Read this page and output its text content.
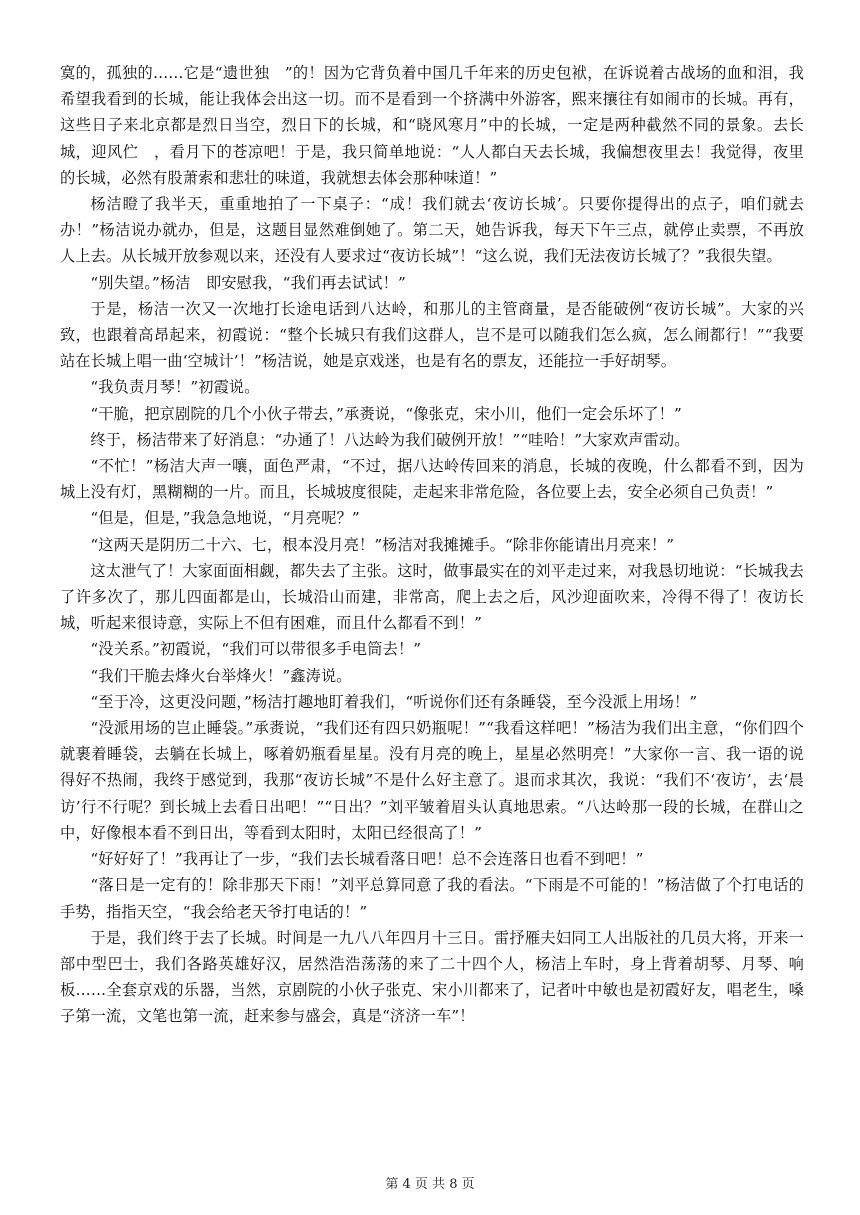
寞的，孤独的……它是“遗世独　”的！因为它背负着中国几千年来的历史包袱，在诉说着古战场的血和泪，我希望我看到的长城，能让我体会出这一切。而不是看到一个挤满中外游客，熙来攘往有如闹市的长城。再有，这些日子来北京都是烈日当空，烈日下的长城，和“晓风寒月”中的长城，一定是两种截然不同的景象。去长城，迎风伫　，看月下的苍凉吧！于是，我只简单地说：“人人都白天去长城，我偏想夜里去！我觉得，夜里的长城，必然有股萧索和悲壮的味道，我就想去体会那种味道！”

杨洁瞪了我半天，重重地拍了一下桌子：“成！我们就去‘夜访长城’。只要你提得出的点子，咱们就去办！”杨洁说办就办，但是，这题目显然难倒她了。第二天，她告诉我，每天下午三点，就停止卖票，不再放人上去。从长城开放参观以来，还没有人要求过“夜访长城”！“这么说，我们无法夜访长城了？”我很失望。

“别失望。”杨洁　即安慰我，“我们再去试试！”

于是，杨洁一次又一次地打长途电话到八达岭，和那儿的主管商量，是否能破例“夜访长城”。大家的兴致，也跟着高昂起来，初霞说：“整个长城只有我们这群人，岂不是可以随我们怎么疯，怎么闹都行！”“我要站在长城上唱一曲‘空城计’！”杨洁说，她是京戏迷，也是有名的票友，还能拉一手好胡琴。

“我负责月琴！”初霞说。

“干脆，把京剧院的几个小伙子带去，”承赉说，“像张克，宋小川，他们一定会乐坏了！”

终于，杨洁带来了好消息：“办通了！八达岭为我们破例开放！”“哇哈！”大家欢声雷动。

“不忙！”杨洁大声一嚷，面色严肃，“不过，据八达岭传回来的消息，长城的夜晚，什么都看不到，因为城上没有灯，黑糊糊的一片。而且，长城坡度很陡，走起来非常危险，各位要上去，安全必须自己负责！”

“但是，但是，”我急急地说，“月亮呢？”

“这两天是阴历二十六、七，根本没月亮！”杨洁对我摊摊手。“除非你能请出月亮来！”

这太泄气了！大家面面相觑，都失去了主张。这时，做事最实在的刘平走过来，对我恳切地说：“长城我去了许多次了，那儿四面都是山，长城沿山而建，非常高，爬上去之后，风沙迎面吹来，冷得不得了！夜访长城，听起来很诗意，实际上不但有困难，而且什么都看不到！”

“没关系。”初霞说，“我们可以带很多手电筒去！”

“我们干脆去烽火台举烽火！”鑫涛说。

“至于冷，这更没问题，”杨洁打趣地盯着我们，“听说你们还有条睡袋，至今没派上用场！”

“没派用场的岂止睡袋。”承赉说，“我们还有四只奶瓶呢！”“我看这样吧！”杨洁为我们出主意，“你们四个就裹着睡袋，去躺在长城上，啄着奶瓶看星星。没有月亮的晚上，星星必然明亮！”大家你一言、我一语的说得好不热闹，我终于感觉到，我那“夜访长城”不是什么好主意了。退而求其次，我说：“我们不‘夜访’，去‘晨访’行不行呢？到长城上去看日出吧！”“日出？”刘平皱着眉头认真地思索。“八达岭那一段的长城，在群山之中，好像根本看不到日出，等看到太阳时，太阳已经很高了！”

“好好好了！”我再让了一步，“我们去长城看落日吧！总不会连落日也看不到吧！”

“落日是一定有的！除非那天下雨！”刘平总算同意了我的看法。“下雨是不可能的！”杨洁做了个打电话的手势，指指天空，“我会给老天爷打电话的！”

于是，我们终于去了长城。时间是一九八八年四月十三日。雷抒雁夫妇同工人出版社的几员大将，开来一部中型巴士，我们各路英雄好汉，居然浩浩荡荡的来了二十四个人，杨洁上车时，身上背着胡琴、月琴、响板……全套京戏的乐器，当然，京剧院的小伙子张克、宋小川都来了，记者叶中敏也是初霞好友，唱老生，嗓子第一流，文笔也第一流，赶来参与盛会，真是“济济一车”！

第 4 页 共 8 页
